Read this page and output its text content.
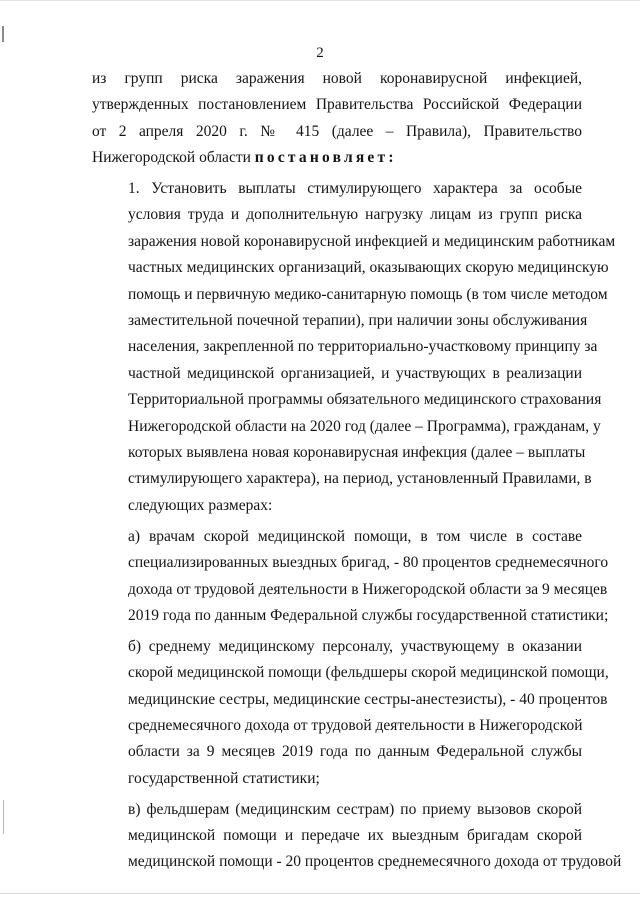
2

из групп риска заражения новой коронавирусной инфекцией,
утвержденных постановлением Правительства Российской Федерации
от 2 апреля 2020 г. № 415 (далее – Правила), Правительство
Нижегородской области постановляет:

1. Установить выплаты стимулирующего характера за особые
условия труда и дополнительную нагрузку лицам из групп риска
заражения новой коронавирусной инфекцией и медицинским работникам
частных медицинских организаций, оказывающих скорую медицинскую
помощь и первичную медико-санитарную помощь (в том числе методом
заместительной почечной терапии), при наличии зоны обслуживания
населения, закрепленной по территориально-участковому принципу за
частной медицинской организацией, и участвующих в реализации
Территориальной программы обязательного медицинского страхования
Нижегородской области на 2020 год (далее – Программа), гражданам, у
которых выявлена новая коронавирусная инфекция (далее – выплаты
стимулирующего характера), на период, установленный Правилами, в
следующих размерах:

а) врачам скорой медицинской помощи, в том числе в составе
специализированных выездных бригад, - 80 процентов среднемесячного
дохода от трудовой деятельности в Нижегородской области за 9 месяцев
2019 года по данным Федеральной службы государственной статистики;

б) среднему медицинскому персоналу, участвующему в оказании
скорой медицинской помощи (фельдшеры скорой медицинской помощи,
медицинские сестры, медицинские сестры-анестезисты), - 40 процентов
среднемесячного дохода от трудовой деятельности в Нижегородской
области за 9 месяцев 2019 года по данным Федеральной службы
государственной статистики;

в) фельдшерам (медицинским сестрам) по приему вызовов скорой
медицинской помощи и передаче их выездным бригадам скорой
медицинской помощи - 20 процентов среднемесячного дохода от трудовой
